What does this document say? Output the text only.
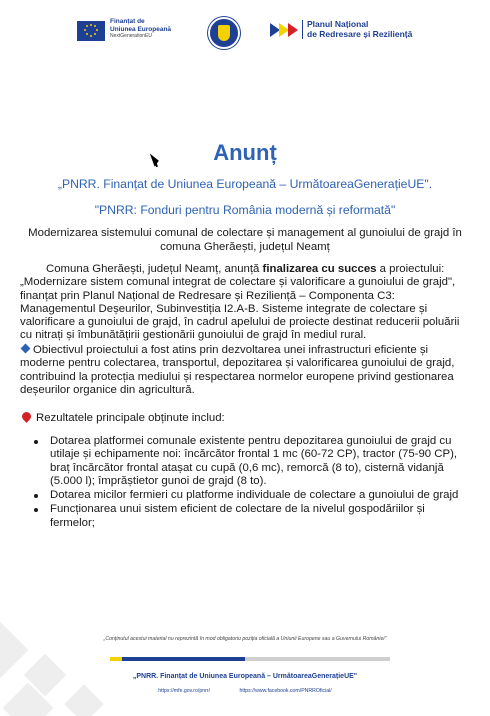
Finanțat de
Uniunea Europeană
NextGenerationEU
Planul Național
de Redresare și Reziliență
Anunț
„PNRR. Finanțat de Uniunea Europeană – UrmătoareaGenerațieUE".
"PNRR: Fonduri pentru România modernă și reformată"
Modernizarea sistemului comunal de colectare și management al gunoiului de grajd în comuna Gherăești, județul Neamț
Comuna Gherăești, județul Neamț, anunță finalizarea cu succes a proiectului: „Modernizare sistem comunal integrat de colectare și valorificare a gunoiului de grajd", finanțat prin Planul Național de Redresare și Reziliență – Componenta C3: Managementul Deșeurilor, Subinvestiția I2.A-B. Sisteme integrate de colectare și valorificare a gunoiului de grajd, în cadrul apelului de proiecte destinat reducerii poluării cu nitrați și îmbunătățirii gestionării gunoiului de grajd în mediul rural.
Obiectivul proiectului a fost atins prin dezvoltarea unei infrastructuri eficiente și moderne pentru colectarea, transportul, depozitarea și valorificarea gunoiului de grajd, contribuind la protecția mediului și respectarea normelor europene privind gestionarea deșeurilor organice din agricultură.
Rezultatele principale obținute includ:
Dotarea platformei comunale existente pentru depozitarea gunoiului de grajd cu utilaje și echipamente noi: încărcător frontal 1 mc (60-72 CP), tractor (75-90 CP), braț încărcător frontal atașat cu cupă (0,6 mc), remorcă (8 to), cisternă vidanjă (5.000 l); împrăștietor gunoi de grajd (8 to).
Dotarea micilor fermieri cu platforme individuale de colectare a gunoiului de grajd
Funcționarea unui sistem eficient de colectare de la nivelul gospodăriilor și fermelor;
„Conținutul acestui material nu reprezintă în mod obligatoriu poziția oficială a Uniunii Europene sau a Guvernului României"
„PNRR. Finanțat de Uniunea Europeană – UrmătoareaGenerațieUE"
https://mfe.gov.ro/pnrr/	https://www.facebook.com/PNRROficial/
